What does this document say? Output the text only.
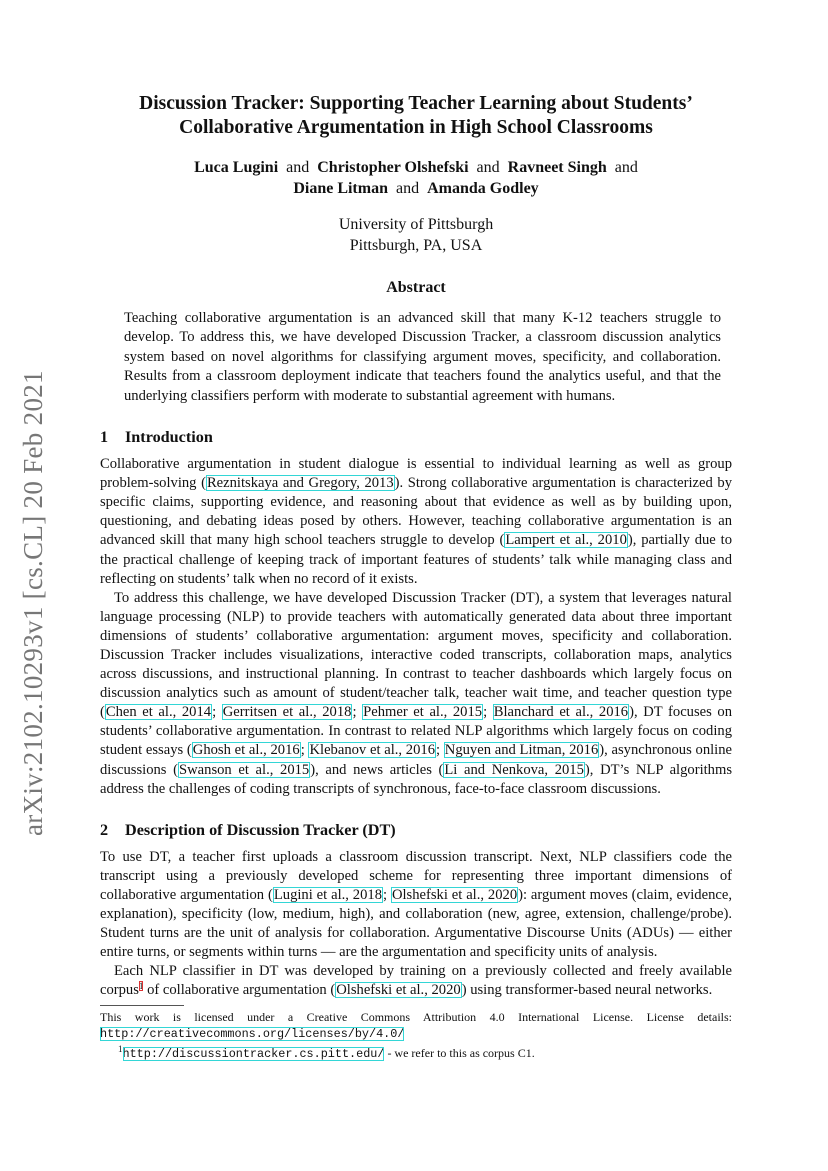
arXiv:2102.10293v1 [cs.CL] 20 Feb 2021

Discussion Tracker: Supporting Teacher Learning about Students’

Collaborative Argumentation in High School Classrooms

Luca Lugini and Christopher Olshefski and Ravneet Singh and
Diane Litman and Amanda Godley
University of Pittsburgh
Pittsburgh, PA, USA
Abstract

Teaching collaborative argumentation is an advanced skill that many K-12 teachers struggle to develop. To address this, we have developed Discussion Tracker, a classroom discussion analytics system based on novel algorithms for classifying argument moves, specificity, and collaboration. Results from a classroom deployment indicate that teachers found the analytics useful, and that the underlying classifiers perform with moderate to substantial agreement with humans.

1 Introduction

Collaborative argumentation in student dialogue is essential to individual learning as well as group problem-solving (Reznitskaya and Gregory, 2013). Strong collaborative argumentation is characterized by specific claims, supporting evidence, and reasoning about that evidence as well as by building upon, questioning, and debating ideas posed by others. However, teaching collaborative argumentation is an advanced skill that many high school teachers struggle to develop (Lampert et al., 2010), partially due to the practical challenge of keeping track of important features of students’ talk while managing class and reflecting on students’ talk when no record of it exists.

To address this challenge, we have developed Discussion Tracker (DT), a system that leverages natural language processing (NLP) to provide teachers with automatically generated data about three important dimensions of students’ collaborative argumentation: argument moves, specificity and collaboration. Discussion Tracker includes visualizations, interactive coded transcripts, collaboration maps, analytics across discussions, and instructional planning. In contrast to teacher dashboards which largely focus on discussion analytics such as amount of student/teacher talk, teacher wait time, and teacher question type (Chen et al., 2014; Gerritsen et al., 2018; Pehmer et al., 2015; Blanchard et al., 2016), DT focuses on students’ collaborative argumentation. In contrast to related NLP algorithms which largely focus on coding student essays (Ghosh et al., 2016; Klebanov et al., 2016; Nguyen and Litman, 2016), asynchronous online discussions (Swanson et al., 2015), and news articles (Li and Nenkova, 2015), DT’s NLP algorithms address the challenges of coding transcripts of synchronous, face-to-face classroom discussions.

2 Description of Discussion Tracker (DT)

To use DT, a teacher first uploads a classroom discussion transcript. Next, NLP classifiers code the transcript using a previously developed scheme for representing three important dimensions of collaborative argumentation (Lugini et al., 2018; Olshefski et al., 2020): argument moves (claim, evidence, explanation), specificity (low, medium, high), and collaboration (new, agree, extension, challenge/probe). Student turns are the unit of analysis for collaboration. Argumentative Discourse Units (ADUs) — either entire turns, or segments within turns — are the argumentation and specificity units of analysis.

Each NLP classifier in DT was developed by training on a previously collected and freely available corpus$^1$ of collaborative argumentation (Olshefski et al., 2020) using transformer-based neural networks.

This work is licensed under a Creative Commons Attribution 4.0 International License. License details: http://creativecommons.org/licenses/by/4.0/
$^1$http://discussiontracker.cs.pitt.edu/ - we refer to this as corpus C1.
